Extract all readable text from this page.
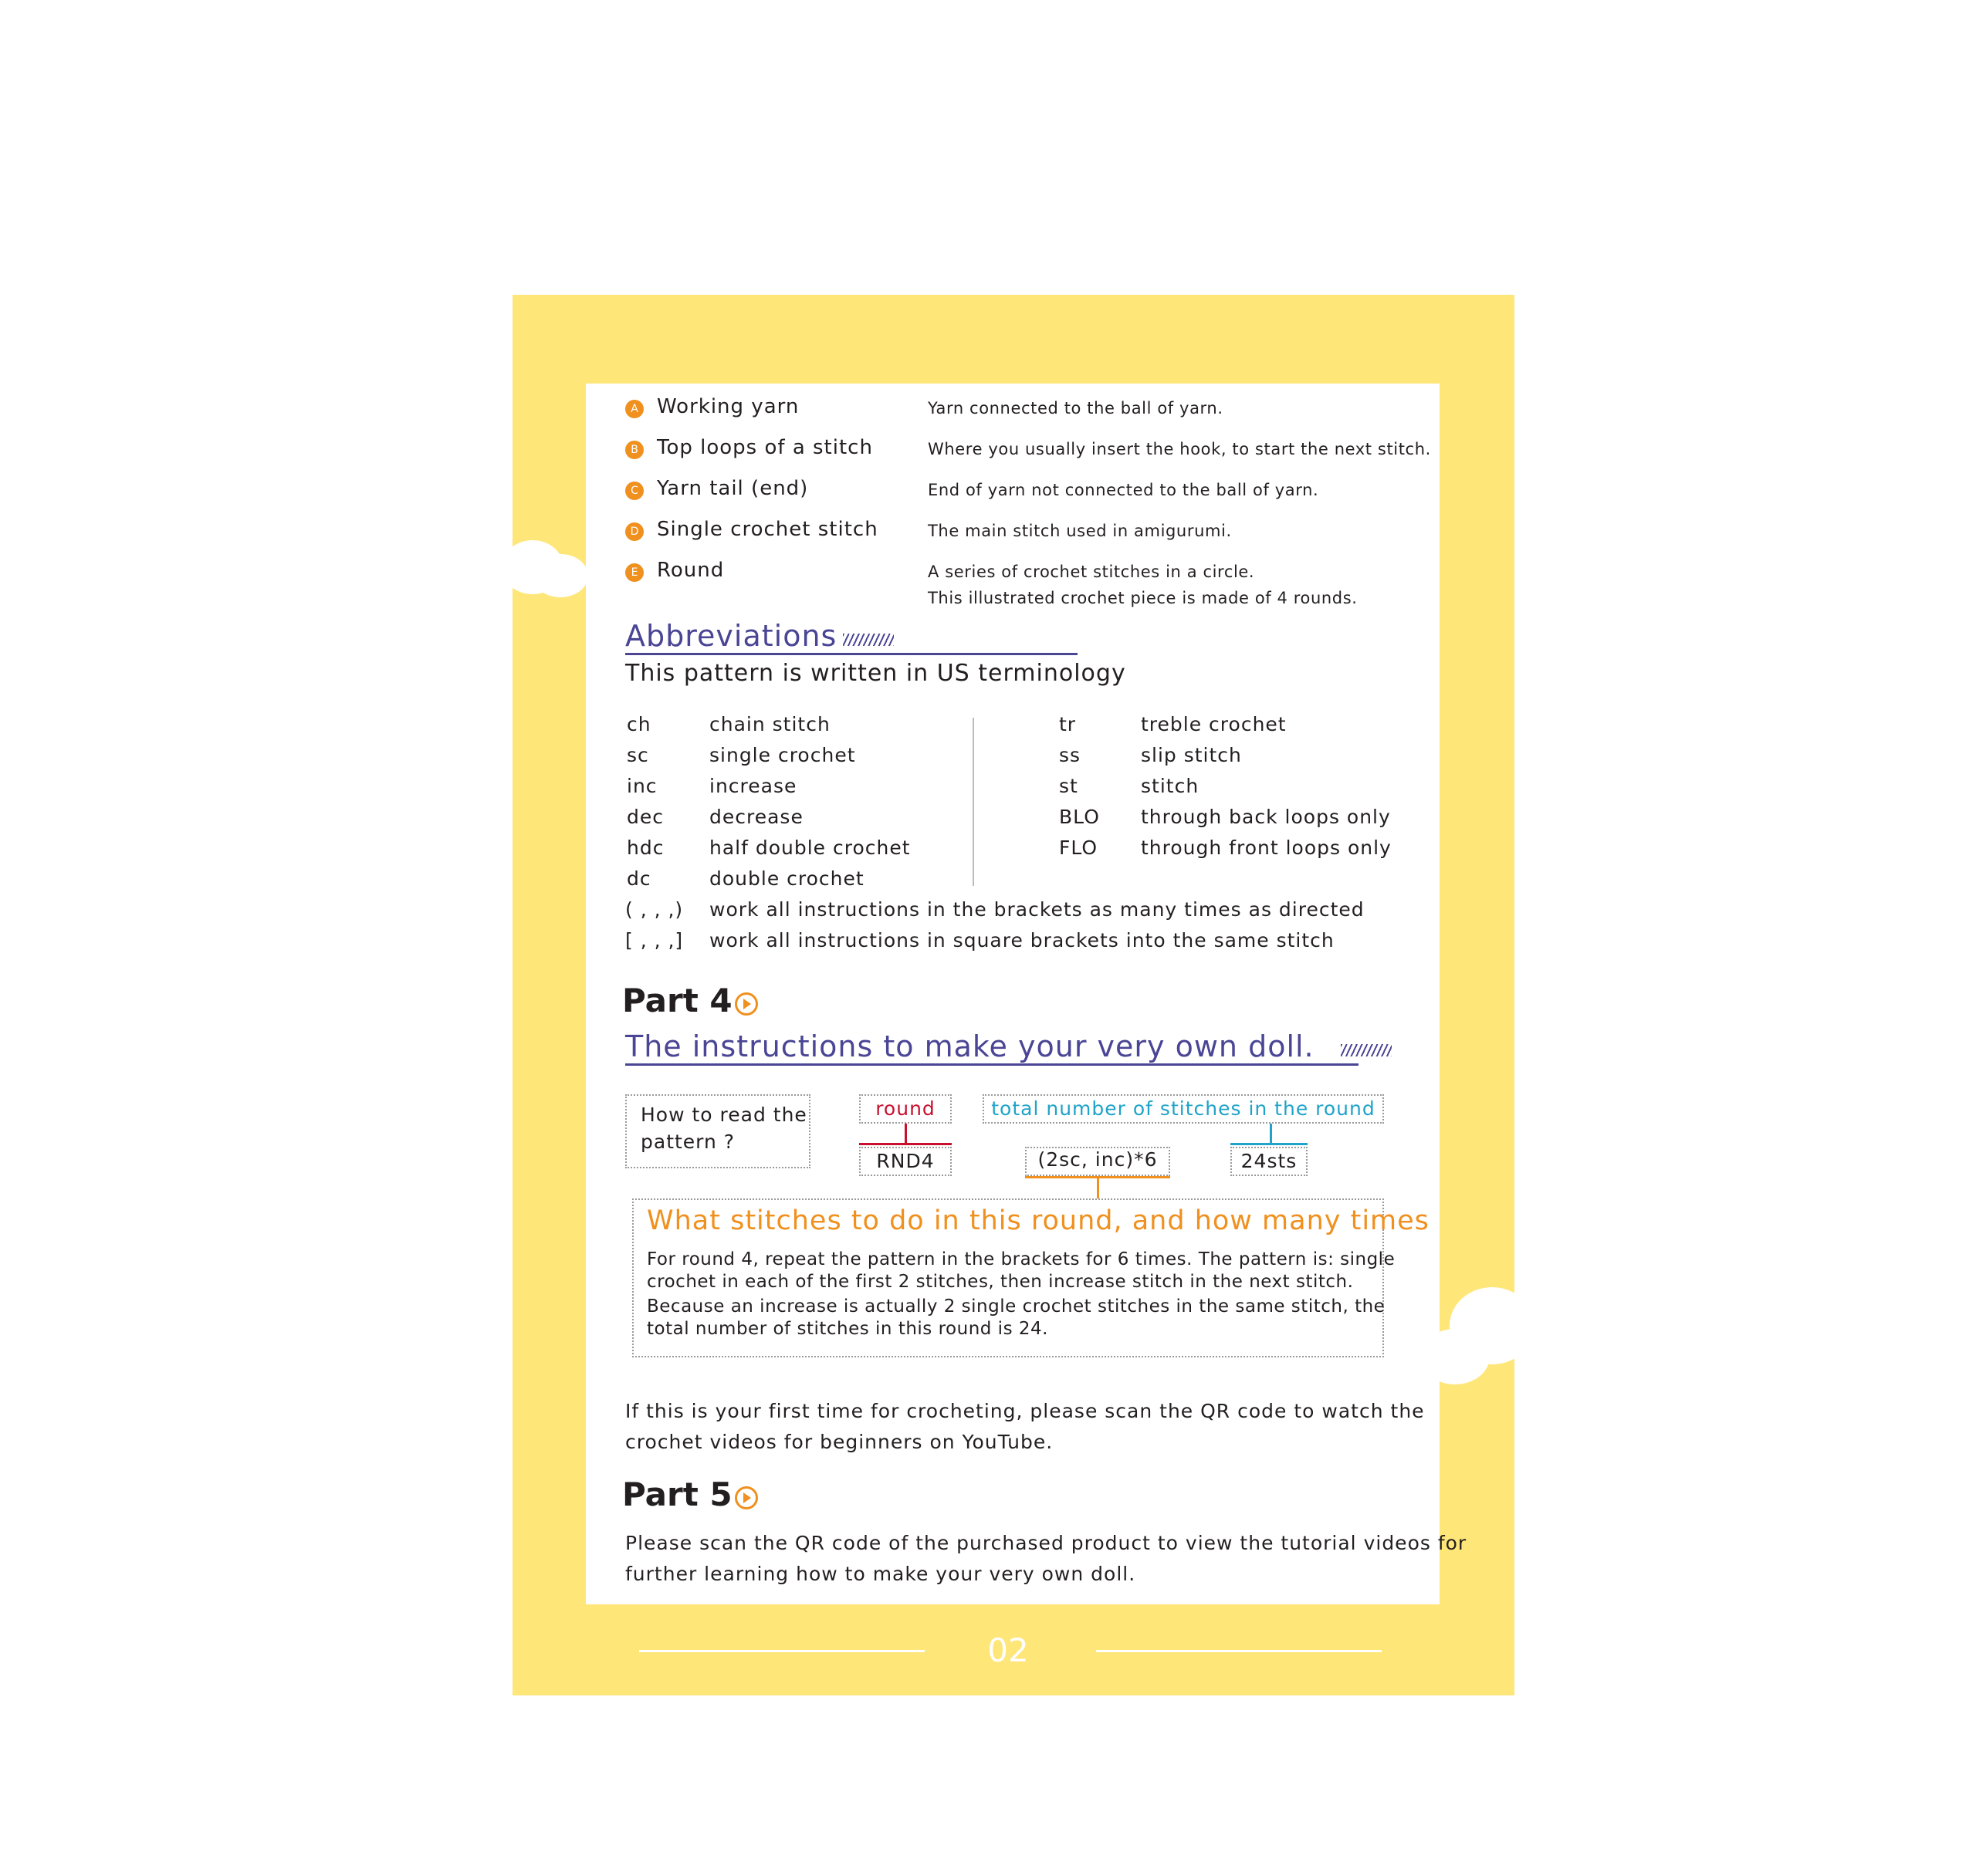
A Working yarn	Yarn connected to the ball of yarn.
B Top loops of a stitch	Where you usually insert the hook, to start the next stitch.
C Yarn tail (end)	End of yarn not connected to the ball of yarn.
D Single crochet stitch	The main stitch used in amigurumi.
E Round	A series of crochet stitches in a circle.
This illustrated crochet piece is made of 4 rounds.
Abbreviations
This pattern is written in US terminology
ch	chain stitch
sc	single crochet
inc	increase
dec decrease
hdc half double crochet
dc	double crochet
tr	treble crochet
ss	slip stitch
st	stitch
BLO through back loops only
FLO through front loops only
( , , ,) work all instructions in the brackets as many times as directed
[ , , ,] work all instructions in square brackets into the same stitch
Part 4
The instructions to make your very own doll.
How to read the
pattern ?
round
RND4
total number of stitches in the round
24sts
(2sc, inc)*6
What stitches to do in this round, and how many times
For round 4, repeat the pattern in the brackets for 6 times. The pattern is: single
crochet in each of the first 2 stitches, then increase stitch in the next stitch.
Because an increase is actually 2 single crochet stitches in the same stitch, the
total number of stitches in this round is 24.
If this is your first time for crocheting, please scan the QR code to watch the
crochet videos for beginners on YouTube.
Part 5
Please scan the QR code of the purchased product to view the tutorial videos for
further learning how to make your very own doll.
02
